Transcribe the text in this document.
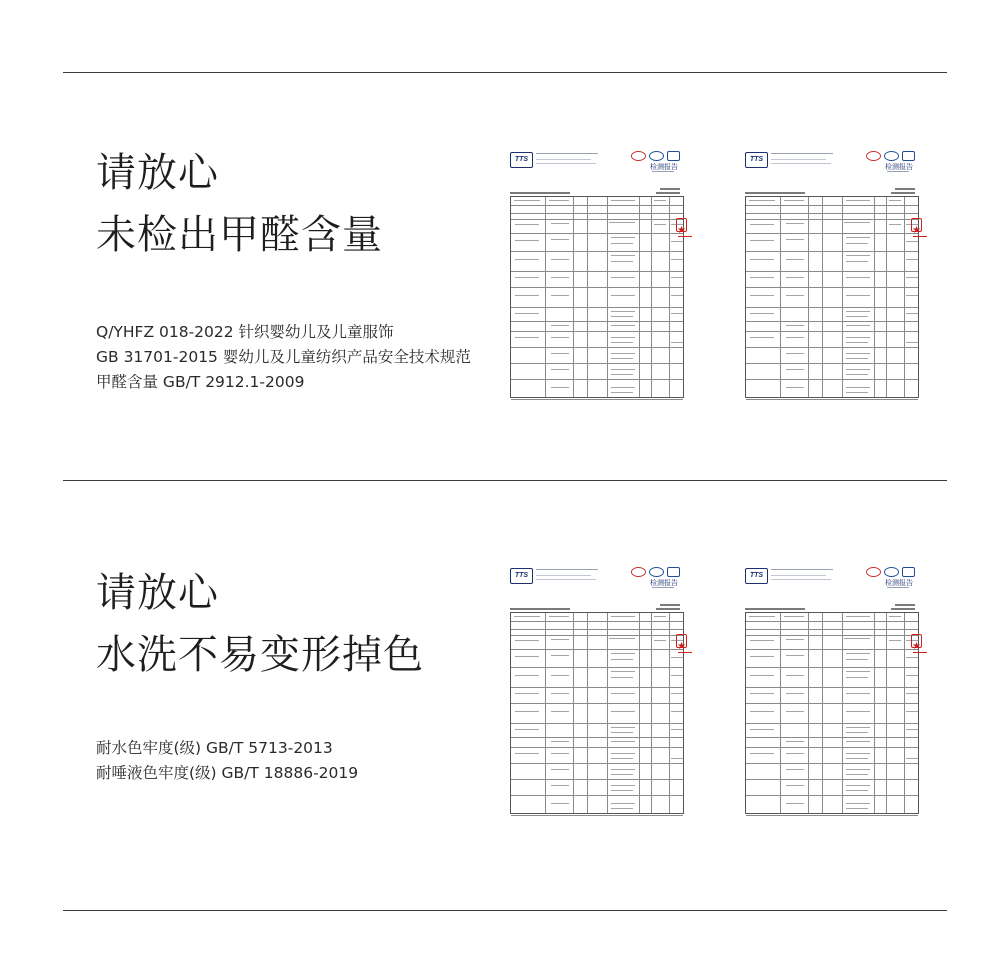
请放心
未检出甲醛含量
Q/YHFZ 018-2022 针织婴幼儿及儿童服饰
GB 31701-2015 婴幼儿及儿童纺织产品安全技术规范
甲醛含量 GB/T 2912.1-2009
TTS
检测报告
★
TTS
检测报告
★
请放心
水洗不易变形掉色
耐水色牢度(级) GB/T 5713-2013
耐唾液色牢度(级) GB/T 18886-2019
TTS
检测报告
★
TTS
检测报告
★
